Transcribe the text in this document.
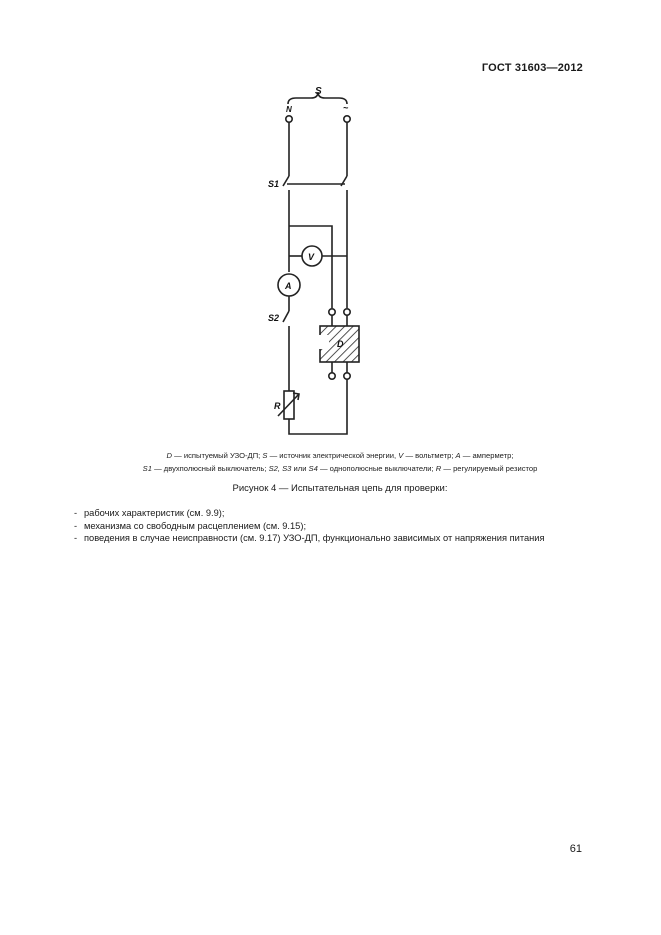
ГОСТ 31603—2012
S
N	~
S1
V
A
S2
D
R
D — испытуемый УЗО-ДП; S — источник электрической энергии, V — вольтметр; A — амперметр;
S1 — двухполюсный выключатель; S2, S3 или S4 — однополюсные выключатели; R — регулируемый резистор
Рисунок 4 — Испытательная цепь для проверки:
- рабочих характеристик (см. 9.9);
- механизма со свободным расцеплением (см. 9.15);
- поведения в случае неисправности (см. 9.17) УЗО-ДП, функционально зависимых от напряжения питания
61
